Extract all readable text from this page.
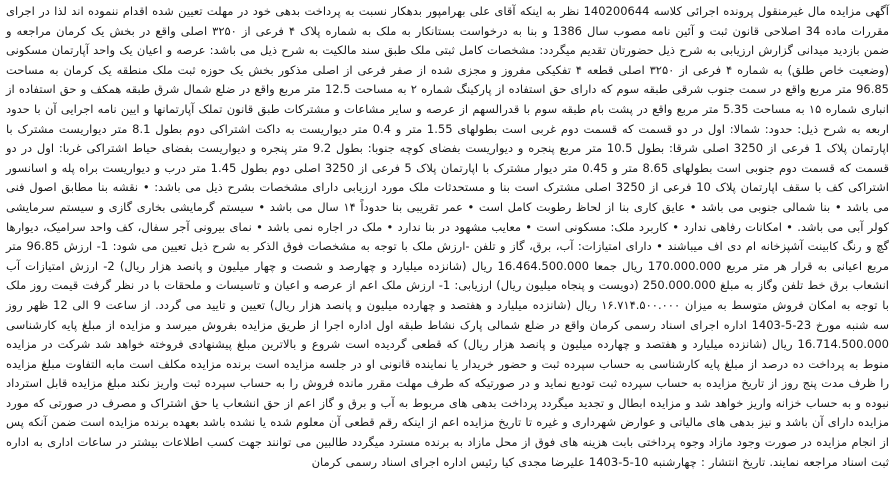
آگهی مزایده مال غیرمنقول پرونده اجرائی کلاسه 140200644 نظر به اینکه آقای علی بهرامپور بدهکار نسبت به پرداخت بدهی خود در مهلت تعیین شده اقدام ننموده اند لذا در اجرای مقررات ماده 34 اصلاحی قانون ثبت و آئین نامه مصوب سال 1386 و بنا به درخواست بستانکار به ملک به شماره پلاک ۴ فرعی از ۳۲۵۰ اصلی واقع در بخش یک کرمان مراجعه و ضمن بازدید میدانی گزارش ارزیابی به شرح ذیل حضورتان تقدیم میگردد: مشخصات کامل ثبتی ملک طبق سند مالکیت به شرح ذیل می باشد: عرصه و اعیان یک واحد آپارتمان مسکونی (وضعیت خاص طلق) به شماره ۴ فرعی از ۳۲۵۰ اصلی قطعه ۴ تفکیکی مفروز و مجزی شده از صفر فرعی از اصلی مذکور بخش یک حوزه ثبت ملک منطقه یک کرمان به مساحت 96.85 متر مربع واقع در سمت جنوب شرقی طبقه سوم که دارای حق استفاده از پارکینگ شماره ۲ به مساحت 12.5 متر مربع واقع در ضلع شمال شرق طبقه همکف و حق استفاده از انباری شماره ۱۵ به مساحت 5.35 متر مربع واقع در پشت بام طبقه سوم با قدرالسهم از عرصه و سایر مشاعات و مشترکات طبق قانون تملک آپارتمانها و ایین نامه اجرایی آن با حدود اربعه به شرح ذیل: حدود: شمالا: اول در دو قسمت که قسمت دوم غربی است بطولهای 1.55 متر و 0.4 متر دیواریست به داکت اشتراکی دوم بطول 8.1 متر دیواریست مشترک با اپارتمان پلاک 1 فرعی از 3250 اصلی شرقا: بطول 10.5 متر مربع پنجره و دیواریست بفضای کوچه جنوبا: بطول 9.2 متر پنجره و دیواریست بفضای حیاط اشتراکی غربا: اول در دو قسمت که قسمت دوم جنوبی است بطولهای 8.65 متر و 0.45 متر دیوار مشترک با اپارتمان پلاک 5 فرعی از 3250 اصلی دوم بطول 1.45 متر درب و دیواریست براه پله و اسانسور اشتراکی کف با سقف اپارتمان پلاک 10 فرعی از 3250 اصلی مشترک است بنا و مستحدثات ملک مورد ارزیابی دارای مشخصات بشرح ذیل می باشد: • نقشه بنا مطابق اصول فنی می باشد • بنا شمالی جنوبی می باشد • عایق کاری بنا از لحاظ رطوبت کامل است • عمر تقریبی بنا حدوداً ۱۴ سال می باشد • سیستم گرمایشی بخاری گازی و سیستم سرمایشی کولر آبی می باشد. • امکانات رفاهی ندارد • کاربرد ملک: مسکونی است • معایب مشهود در بنا ندارد • ملک در اجاره نمی باشد • نمای بیرونی آجر سفال، کف واحد سرامیک، دیوارها گچ و رنگ کابینت آشپزخانه ام دی اف میباشند • دارای امتیازات: آب، برق، گاز و تلفن -ارزش ملک با توجه به مشخصات فوق الذکر به شرح ذیل تعیین می شود: 1- ارزش 96.85 متر مربع اعیانی به قرار هر متر مربع 170.000.000 ریال جمعا 16.464.500.000 ریال (شانزده میلیارد و چهارصد و شصت و چهار میلیون و پانصد هزار ریال) 2- ارزش امتیازات آب انشعاب برق خط تلفن وگاز به مبلغ 250.000.000 (دویست و پنجاه میلیون ریال) ارزیابی: 1- ارزش ملک اعم از عرصه و اعیان و تاسیسات و ملحقات با در نظر گرفت قیمت روز ملک با توجه به امکان فروش متوسط به میزان ۱۶.۷۱۴.۵۰۰.۰۰۰ ریال (شانزده میلیارد و هفتصد و چهارده میلیون و پانصد هزار ریال) تعیین و تایید می گردد. از ساعت 9 الی 12 ظهر روز سه شنبه مورخ 23-5-1403 اداره اجرای اسناد رسمی کرمان واقع در ضلع شمالی پارک نشاط طبقه اول اداره اجرا از طریق مزایده بفروش میرسد و مزایده از مبلغ پایه کارشناسی 16.714.500.000 ریال (شانزده میلیارد و هفتصد و چهارده میلیون و پانصد هزار ریال) که قطعی گردیده است شروع و بالاترین مبلغ پیشنهادی فروخته خواهد شد شرکت در مزایده منوط به پرداخت ده درصد از مبلغ پایه کارشناسی به حساب سپرده ثبت و حضور خریدار یا نماینده قانونی او در جلسه مزایده است برنده مزایده مکلف است مابه التفاوت مبلغ مزایده را ظرف مدت پنج روز از تاریخ مزایده به حساب سپرده ثبت تودیع نماید و در صورتیکه که طرف مهلت مقرر مانده فروش را به حساب سپرده ثبت واریز نکند مبلغ مزایده قابل استرداد نبوده و به حساب خزانه واریز خواهد شد و مزایده ابطال و تجدید میگردد پرداخت بدهی های مربوط به آب و برق و گاز اعم از حق انشعاب یا حق اشتراک و مصرف در صورتی که مورد مزایده دارای آن باشد و نیز بدهی های مالیاتی و عوارض شهرداری و غیره تا تاریخ مزایده اعم از اینکه رقم قطعی آن معلوم شده یا نشده باشد بعهده برنده مزایده است ضمن آنکه پس از انجام مزایده در صورت وجود مازاد وجوه پرداختی بابت هزینه های فوق از محل مازاد به برنده مسترد میگردد طالبین می توانند جهت کسب اطلاعات بیشتر در ساعات اداری به اداره ثبت اسناد مراجعه نمایند. تاریخ انتشار : چهارشنبه 10-5-1403 علیرضا مجدی کیا رئیس اداره اجرای اسناد رسمی کرمان
